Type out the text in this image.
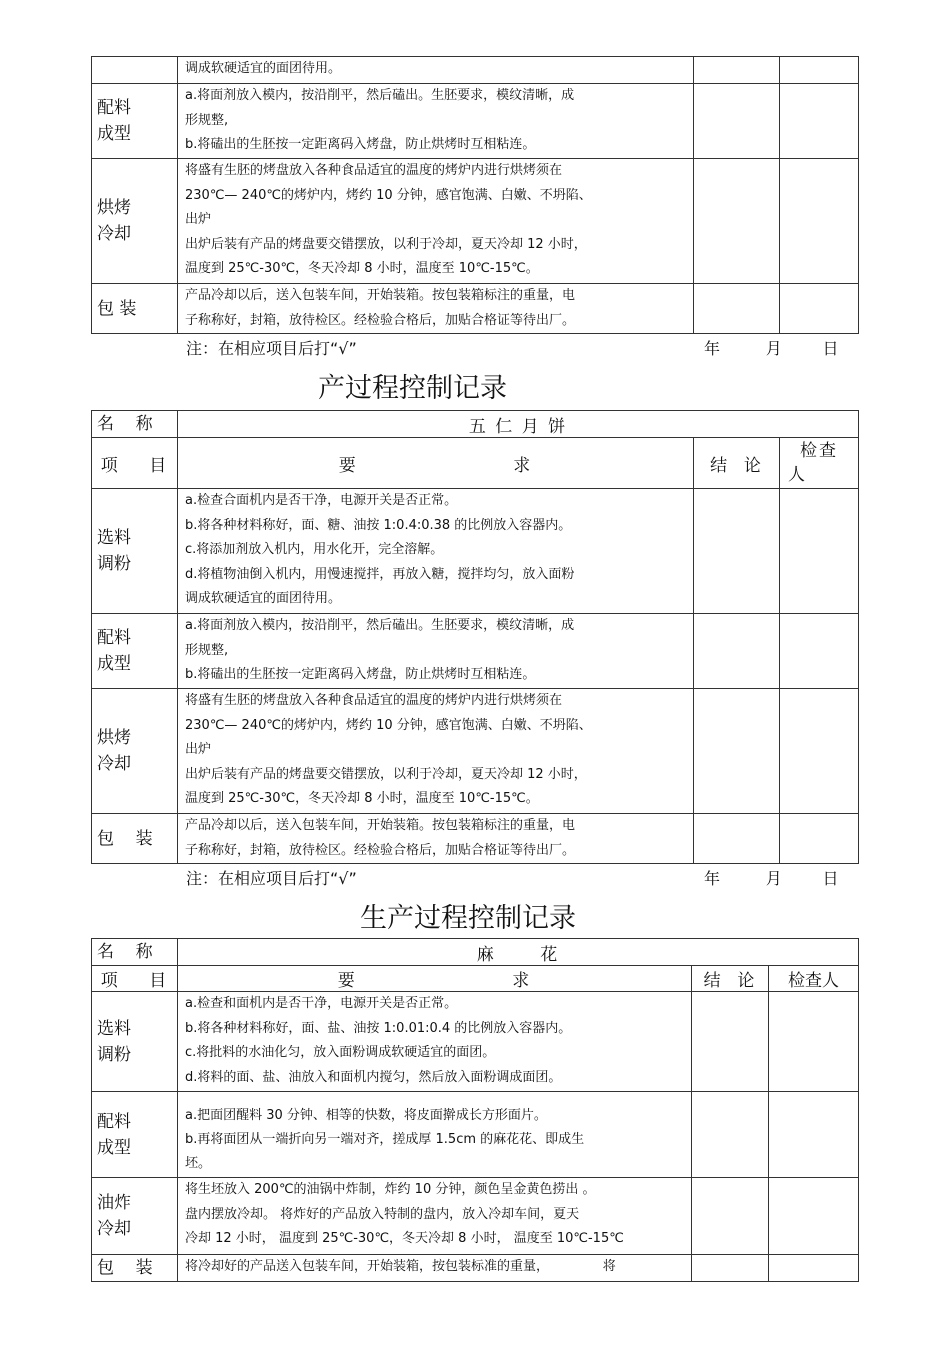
	调成软硬适宜的面团待用。		

配料
成型	a.将面剂放入模内，按沿削平，然后磕出。生胚要求，模纹清晰，成
形规整,
b.将磕出的生胚按一定距离码入烤盘，防止烘烤时互相粘连。		

烘烤
冷却	将盛有生胚的烤盘放入各种食品适宜的温度的烤炉内进行烘烤须在
230℃— 240℃的烤炉内，烤约 10 分钟，感官饱满、白嫩、不坍陷、
出炉
出炉后装有产品的烤盘要交错摆放，以利于冷却，夏天冷却 12 小时，
温度到 25℃-30℃，冬天冷却 8 小时，温度至 10℃-15℃。		

包 装	产品冷却以后，送入包装车间，开始装箱。按包装箱标注的重量，电
子称称好，封箱，放待检区。经检验合格后，加贴合格证等待出厂。		

注：在相应项目后打“√”	年         月        日
产过程控制记录
名    称	五 仁 月 饼		
项    目	要                     求	结  论	检查
人

选料
调粉	a.检查合面机内是否干净，电源开关是否正常。
b.将各种材料称好，面、糖、油按 1:0.4:0.38 的比例放入容器内。
c.将添加剂放入机内，用水化开，完全溶解。
d.将植物油倒入机内，用慢速搅拌，再放入糖，搅拌均匀，放入面粉
调成软硬适宜的面团待用。		

配料
成型	a.将面剂放入模内，按沿削平，然后磕出。生胚要求，模纹清晰，成
形规整,
b.将磕出的生胚按一定距离码入烤盘，防止烘烤时互相粘连。		

烘烤
冷却	将盛有生胚的烤盘放入各种食品适宜的温度的烤炉内进行烘烤须在
230℃— 240℃的烤炉内，烤约 10 分钟，感官饱满、白嫩、不坍陷、
出炉
出炉后装有产品的烤盘要交错摆放，以利于冷却，夏天冷却 12 小时，
温度到 25℃-30℃，冬天冷却 8 小时，温度至 10℃-15℃。		

包    装	产品冷却以后，送入包装车间，开始装箱。按包装箱标注的重量，电
子称称好，封箱，放待检区。经检验合格后，加贴合格证等待出厂。		

注：在相应项目后打“√”	年         月        日
生产过程控制记录
名    称	麻      花		
项    目	要                     求	结  论	检查人

选料
调粉	a.检查和面机内是否干净，电源开关是否正常。
b.将各种材料称好，面、盐、油按 1:0.01:0.4 的比例放入容器内。
c.将批料的水油化匀，放入面粉调成软硬适宜的面团。
d.将料的面、盐、油放入和面机内搅匀，然后放入面粉调成面团。		

配料
成型	a.把面团醒料 30 分钟、相等的快数，将皮面擀成长方形面片。
b.再将面团从一端折向另一端对齐，搓成厚 1.5cm 的麻花花、即成生
坯。		

油炸
冷却	将生坯放入 200℃的油锅中炸制，炸约 10 分钟，颜色呈金黄色捞出 。
盘内摆放冷却。 将炸好的产品放入特制的盘内，放入冷却车间，夏天
冷却 12 小时， 温度到 25℃-30℃，冬天冷却 8 小时， 温度至 10℃-15℃		

包    装	将冷却好的产品送入包装车间，开始装箱，按包装标准的重量，             将		
